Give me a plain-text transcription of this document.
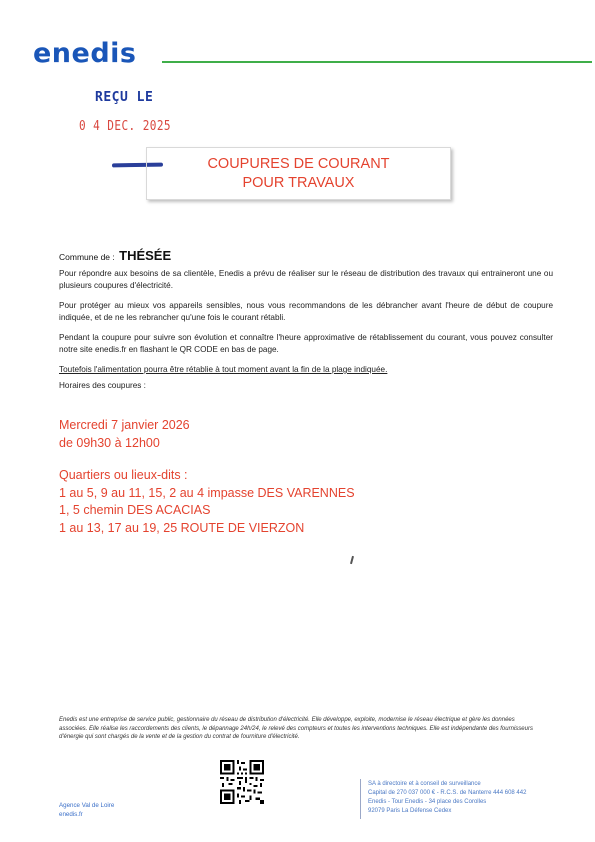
enedis
REÇU LE
0 4 DEC. 2025
COUPURES DE COURANT
POUR TRAVAUX
Commune de : THÉSÉE
Pour répondre aux besoins de sa clientèle, Enedis a prévu de réaliser sur le réseau de distribution des travaux qui entraineront une ou plusieurs coupures d'électricité.
Pour protéger au mieux vos appareils sensibles, nous vous recommandons de les débrancher avant l'heure de début de coupure indiquée, et de ne les rebrancher qu'une fois le courant rétabli.
Pendant la coupure pour suivre son évolution et connaître l'heure approximative de rétablissement du courant, vous pouvez consulter notre site enedis.fr en flashant le QR CODE en bas de page.
Toutefois l'alimentation pourra être rétablie à tout moment avant la fin de la plage indiquée.
Horaires des coupures :
Mercredi 7 janvier 2026
de 09h30 à 12h00
Quartiers ou lieux-dits :
1 au 5, 9 au 11, 15, 2 au 4 impasse DES VARENNES
1, 5 chemin DES ACACIAS
1 au 13, 17 au 19, 25 ROUTE DE VIERZON
Enedis est une entreprise de service public, gestionnaire du réseau de distribution d'électricité. Elle développe, exploite, modernise le réseau électrique et gère les données associées. Elle réalise les raccordements des clients, le dépannage 24h/24, le relevé des compteurs et toutes les interventions techniques. Elle est indépendante des fournisseurs d'énergie qui sont chargés de la vente et de la gestion du contrat de fourniture d'électricité.
Agence Val de Loire
enedis.fr
SA à directoire et à conseil de surveillance
Capital de 270 037 000 € - R.C.S. de Nanterre 444 608 442
Enedis - Tour Enedis - 34 place des Corolles
92079 Paris La Défense Cedex
